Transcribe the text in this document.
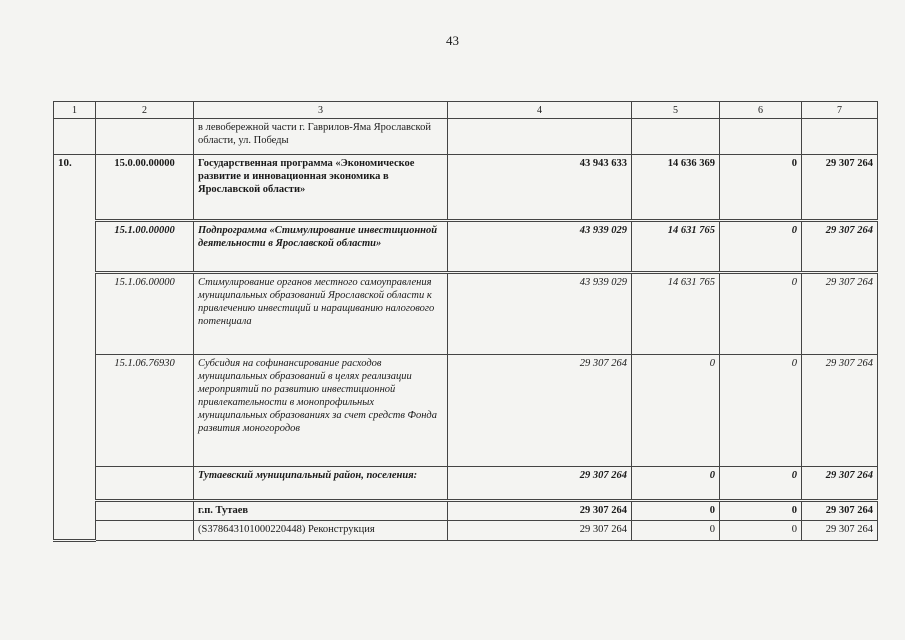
43
1	2	3	4	5	6	7
		в левобережной части г. Гаврилов-Яма Ярославской области, ул. Победы				
10.	15.0.00.00000	Государственная программа «Экономическое развитие и инновационная экономика в Ярославской области»	43 943 633	14 636 369	0	29 307 264
	15.1.00.00000	Подпрограмма «Стимулирование инвестиционной деятельности в Ярославской области»	43 939 029	14 631 765	0	29 307 264
	15.1.06.00000	Стимулирование органов местного самоуправления муниципальных образований Ярославской области к привлечению инвестиций и наращиванию налогового потенциала	43 939 029	14 631 765	0	29 307 264
	15.1.06.76930	Субсидия на софинансирование расходов муниципальных образований в целях реализации мероприятий по развитию инвестиционной привлекательности в монопрофильных муниципальных образованиях за счет средств Фонда развития моногородов	29 307 264	0	0	29 307 264
		Тутаевский муниципальный район, поселения:	29 307 264	0	0	29 307 264
		г.п. Тутаев	29 307 264	0	0	29 307 264
		(S378643101000220448) Реконструкция	29 307 264	0	0	29 307 264
